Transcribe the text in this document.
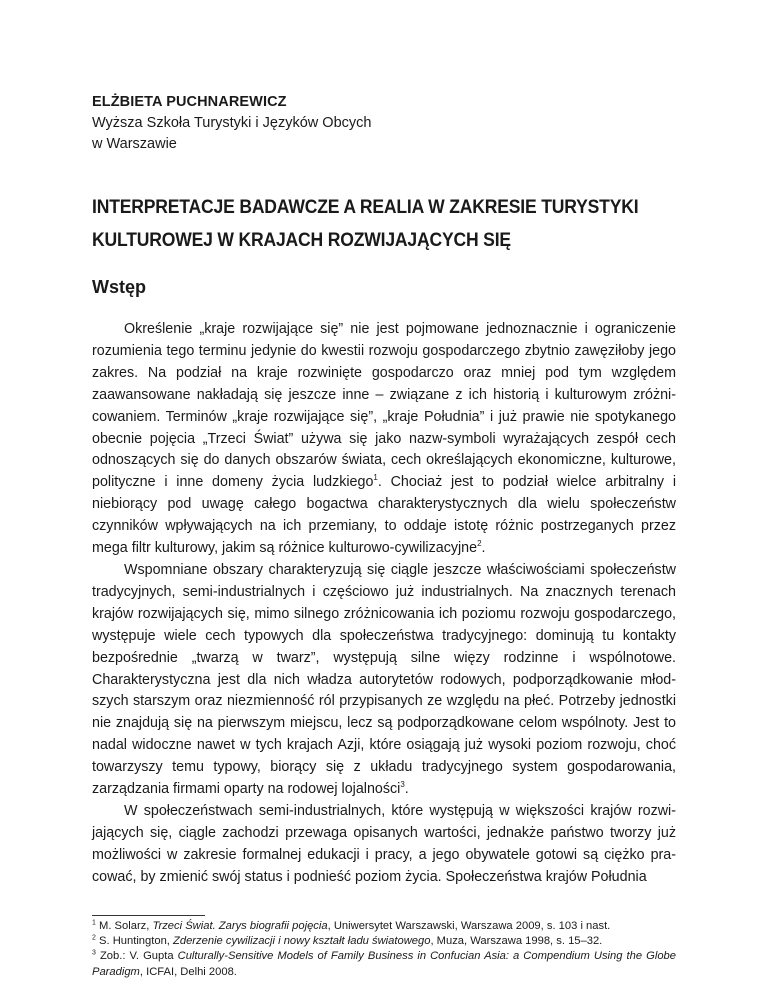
ELŻBIETA PUCHNAREWICZ
Wyższa Szkoła Turystyki i Języków Obcych
w Warszawie
INTERPRETACJE BADAWCZE A REALIA W ZAKRESIE TURYSTYKI
KULTUROWEJ W KRAJACH ROZWIJAJĄCYCH SIĘ
Wstęp

Określenie „kraje rozwijające się” nie jest pojmowane jednoznacznie i ograniczenie rozumienia tego terminu jedynie do kwestii rozwoju gospodarczego zbytnio zawęziłoby jego zakres. Na podział na kraje rozwinięte gospodarczo oraz mniej pod tym względem zaawansowane nakładają się jeszcze inne – związane z ich historią i kulturowym zróżnicowaniem. Terminów „kraje rozwijające się”, „kraje Południa” i już prawie nie spotykanego obecnie pojęcia „Trzeci Świat” używa się jako nazw-symboli wyrażających zespół cech odnoszących się do danych obszarów świata, cech określających ekonomiczne, kulturowe, polityczne i inne domeny życia ludzkiego$^1$. Chociaż jest to podział wielce arbitralny i niebiorący pod uwagę całego bogactwa charakterystycznych dla wielu społeczeństw czynników wpływających na ich przemiany, to oddaje istotę różnic postrzeganych przez mega filtr kulturowy, jakim są różnice kulturowo-cywilizacyjne$^2$.

Wspomniane obszary charakteryzują się ciągle jeszcze właściwościami społeczeństw tradycyjnych, semi-industrialnych i częściowo już industrialnych. Na znacznych terenach krajów rozwijających się, mimo silnego zróżnicowania ich poziomu rozwoju gospodarczego, występuje wiele cech typowych dla społeczeństwa tradycyjnego: dominują tu kontakty bezpośrednie „twarzą w twarz”, występują silne więzy rodzinne i wspólnotowe. Charakterystyczna jest dla nich władza autorytetów rodowych, podporządkowanie młodszych starszym oraz niezmienność ról przypisanych ze względu na płeć. Potrzeby jednostki nie znajdują się na pierwszym miejscu, lecz są podporządkowane celom wspólnoty. Jest to nadal widoczne nawet w tych krajach Azji, które osiągają już wysoki poziom rozwoju, choć towarzyszy temu typowy, biorący się z układu tradycyjnego system gospodarowania, zarządzania firmami oparty na rodowej lojalności$^3$.

W społeczeństwach semi-industrialnych, które występują w większości krajów rozwijających się, ciągle zachodzi przewaga opisanych wartości, jednakże państwo tworzy już możliwości w zakresie formalnej edukacji i pracy, a jego obywatele gotowi są ciężko pracować, by zmienić swój status i podnieść poziom życia. Społeczeństwa krajów Południa

$^1$ M. Solarz, Trzeci Świat. Zarys biografii pojęcia, Uniwersytet Warszawski, Warszawa 2009, s. 103 i nast.
$^2$ S. Huntington, Zderzenie cywilizacji i nowy kształt ładu światowego, Muza, Warszawa 1998, s. 15–32.
$^3$ Zob.: V. Gupta Culturally-Sensitive Models of Family Business in Confucian Asia: a Compendium Using the Globe Paradigm, ICFAI, Delhi 2008.
